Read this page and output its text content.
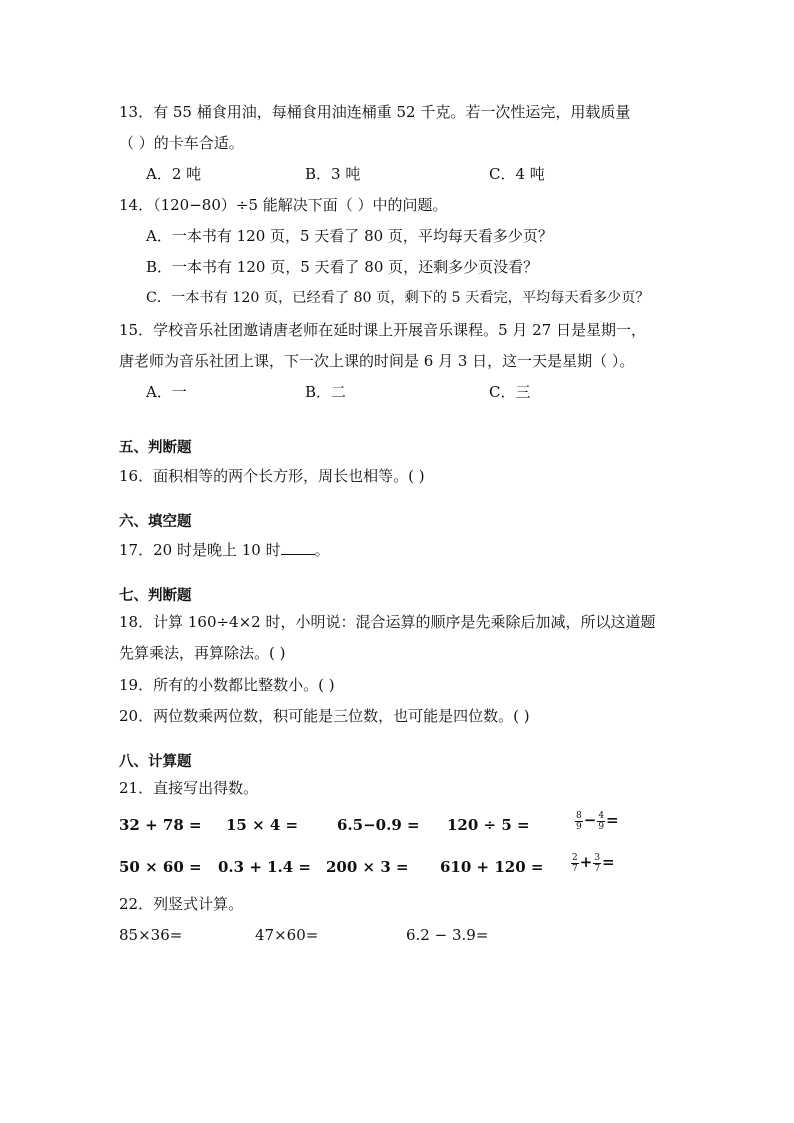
13．有 55 桶食用油，每桶食用油连桶重 52 千克。若一次性运完，用载质量
（ ）的卡车合适。
A．2 吨	B．3 吨	C．4 吨
14．（120−80）÷5 能解决下面（ ）中的问题。
A．一本书有 120 页，5 天看了 80 页，平均每天看多少页？
B．一本书有 120 页，5 天看了 80 页，还剩多少页没看？
C．一本书有 120 页，已经看了 80 页，剩下的 5 天看完，平均每天看多少页？
15．学校音乐社团邀请唐老师在延时课上开展音乐课程。5 月 27 日是星期一，
唐老师为音乐社团上课，下一次上课的时间是 6 月 3 日，这一天是星期（ ）。
A．一	B．二	C．三
五、判断题
16．面积相等的两个长方形，周长也相等。( )
六、填空题
17．20 时是晚上 10 时 。
七、判断题
18．计算 160÷4×2 时，小明说：混合运算的顺序是先乘除后加减，所以这道题
先算乘法，再算除法。( )
19．所有的小数都比整数小。( )
20．两位数乘两位数，积可能是三位数，也可能是四位数。( )
八、计算题
21．直接写出得数。
32 + 78 = 15 × 4 =	6.5−0.9 = 120 ÷ 5 =	$\frac{8}{9} - \frac{4}{9}$ =
50 × 60 = 0.3 + 1.4 = 200 × 3 = 610 + 120 =	$\frac{2}{7} + \frac{3}{7}$ =
22．列竖式计算。
85×36=	47×60=	6.2 − 3.9=
